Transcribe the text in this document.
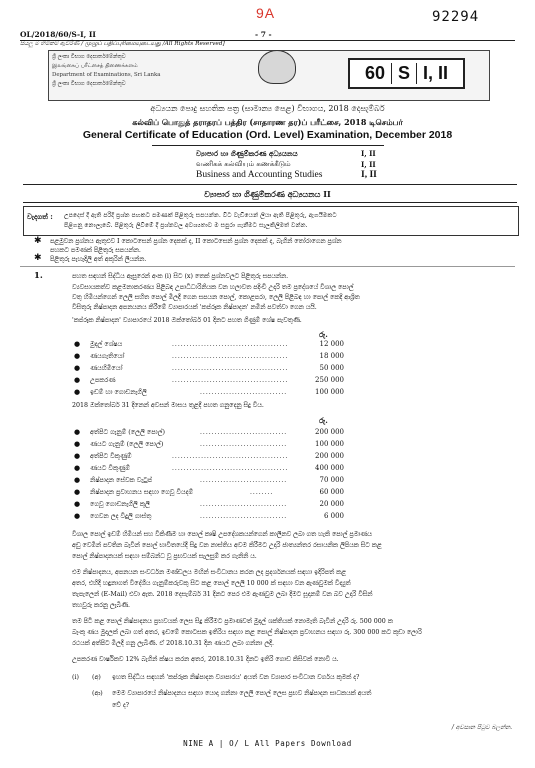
9A	92294
OL/2018/60/S-I, II	- 7 -
සියලු ම හිමිකම් ඇවිරිණි / முழுப் பதிப்புரிமையுடையது /All Rights Reserved]
ශ්‍රී ලංකා විභාග දෙපාර්තමේන්තුව
இலங்கைப் பரீட்சைத் திணைக்களம்
Department of Examinations, Sri Lanka
ශ්‍රී ලංකා විභාග දෙපාර්තමේන්තුව
60 S I, II
අධ්‍යයන පොදු සහතික පත්‍ර (සාමාන්‍ය පෙළ) විභාගය, 2018 දෙසැම්බර්
கல்விப் பொதுத் தராதரப் பத்திர (சாதாரண தர)ப் பரீட்சை, 2018 டிசெம்பர்
General Certificate of Education (Ord. Level) Examination, December 2018
ව්‍යාපාර හා ගිණුම්කරණ අධ්‍යයනය	I, II
வணிகக் கல்வியும் கணக்கீடும்	I, II
Business and Accounting Studies	I, II
ව්‍යාපාර හා ගිණුම්කරණ අධ්‍යයනය II
වැදගත් : උපදෙස් දී ඇති පරිදි ප්‍රශ්න පහකට පමණක් පිළිතුරු සපයන්න. වීට වැඩියෙන් ලියා ඇති පිළිතුරු, ඇගයීමකට
පිළිගනු නොලැබේ. පිළිතුරු ලිවීමේ දී ප්‍රශ්නවල අවශ්‍යතාව ම සපුරා ගැනීමට සැලකිලිමත් වන්න.
✱ පළමුවන ප්‍රශ්නය ඇතුළුව I කොටසෙන් ප්‍රශ්න දෙකක් ද, II කොටසෙන් ප්‍රශ්න දෙකක් ද, බැගින් තෝරාගෙන ප්‍රශ්න
පහකට පමණක් පිළිතුරු සපයන්න.
✱ පිළිතුරු පැහැදිලි අත් අකුරින් ලියන්න.
1.	පහත සඳහන් සිද්ධිය ඇසුරෙන් අංක (i) සිට (x) තෙක් ප්‍රශ්නවලට පිළිතුරු සපයන්න.
ව්‍යවසායකත්ව කළමනාකරණය පිළිබඳ උපාධිධාරිනියක වන හලාවත පදිංචි උදාරි තම ප්‍රදේශයේ විශාල පොල්
වතු හිමියන්ගෙන් ලෙලි සහිත පොල් මිලදී ගෙන සපයන පොල්, කොළපරා, ලෙලි පිළිබඳ හා පොල් කෙදි ආශ්‍රිත
විසිතුරු නිෂ්පාදන අපනයනය කිරීමේ ව්‍යාපාරයක් 'කප්රූක නිෂ්පාදන' නමින් පවත්වා ගෙන යයි.
'කප්රූක නිෂ්පාදන' ව්‍යාපාරයේ 2018 ඔක්තෝබර් 01 දිනට පහත ගිණුම් ශේෂ පැවතුණි.
රු.
● මුදල් ශේෂය	........................................	12 000
● ණයගැතියෝ	........................................	18 000
● ණයහිමියෝ	........................................	50 000
● උපකරණ	........................................	250 000
● ඉඩම් හා ගොඩනැගිලි	..............................	100 000
2018 ඔක්තෝබර් 31 දිනෙන් අවසන් මාසය තුළදී පහත ගනුදෙනු සිදු විය.
රු.
● අත්පිට ගැනුම් (ලෙලි පොල්)	..............................	200 000
● ණයට ගැනුම් (ලෙලි පොල්)	..............................	100 000
● අත්පිට විකුණුම්	........................................	200 000
● ණයට විකුණුම්	........................................	400 000
● නිෂ්පාදන සේවක වැටුප්	..............................	70 000
● නිෂ්පාදන ප්‍රවාහනය සඳහා ගෙවූ වියදම්	........	60 000
● ගෙවූ ගොඩනැගිලි කුලී	..............................	20 000
● ගෙවන ලද විදුලි ගාස්තු	..............................	6 000
විශාල පොල් ඉඩම් හිමියන් සහ විකිණීම හා පොල් කෘෂි උපදේශකයන්ගෙන් කාලීනව ලබා ගත හැකි පොල් ප්‍රමාණය
අඩු වෙමින් පවතින බැවින් පොල් භාවිතයේදී සිදු වන නාස්තිය අවම කිරීමට උදාරි ජාත්‍යන්තර රසායනික ලිපියක සිට කළ
පොල් නිෂ්පාදනයක් සඳහා සම්බන්ධ වූ ප්‍රභවයක් සැලසුම් කර ගැනිනි ය.
එම නිෂ්පාදනය, අපනයන සංවර්ධන මණ්ඩලය මඟින් සංවිධානය කරන ලද ප්‍රදර්ශනයක් සඳහා ඉදිරිපත් කළ
අතර, එහිදී හඳුනාගත් විදේශීය ගැනුම්කරුවකු සිට කළ පොල් ලෙලි 10 000 ක් සඳහා වන ඇණවුමක් විද්‍යුත්
තැපැලෙන් (E-Mail) එවා ඇත. 2018 දෙසැම්බර් 31 දිනට පෙර එම ඇණවුම ලබා දීමට සූදානම් වන බව උදාරි විසින්
තහවුරු කරනු ලැබිණි.
තම පිටි කළ පොල් නිෂ්පාදනය ප්‍රභවයක් ලෙස සිදු කිරීමට ප්‍රමාණවත් මුදල් ශක්තියක් නොමැති බැවින් උදාරි රු. 500 000 ක
බැංකු ණය මුදලක් ලබා ගත් අතර, ඉඩමේ කොටසක ඉතිරිය සඳහා කළ පොල් නිෂ්පාදන ප්‍රවාහනය සඳහා රු. 300 000 කට කුඩා ලොරි
රථයක් අත්පිට මිලදී ගනු ලැබිණි. ඒ 2018.10.31 දින ණයට ලබා ගන්නා ලදී.
උපකරණ වාර්ෂිකව 12% බැගින් ක්ෂය කරන අතර, 2018.10.31 දිනට ඉතිරි ගොඩ කිසිවක් නොවී ය.
(i) (අ) ඉහත සිද්ධිය සඳහන් 'කප්රූක නිෂ්පාදන ව්‍යාපාරය' අයත් වන ව්‍යාපාර සංවිධාන වර්ගය කුමක් ද?
(ආ) මෙම ව්‍යාපාරයේ නිෂ්පාදනය සඳහා යොදා ගන්නා ලෙලි පොල් ලෙස ප්‍රභව නිෂ්පාදන සාධකයක් අයත්
වේ ද?
/ අවසාන පිටුව බලන්න.
NINE A | O/ L All Papers Download
